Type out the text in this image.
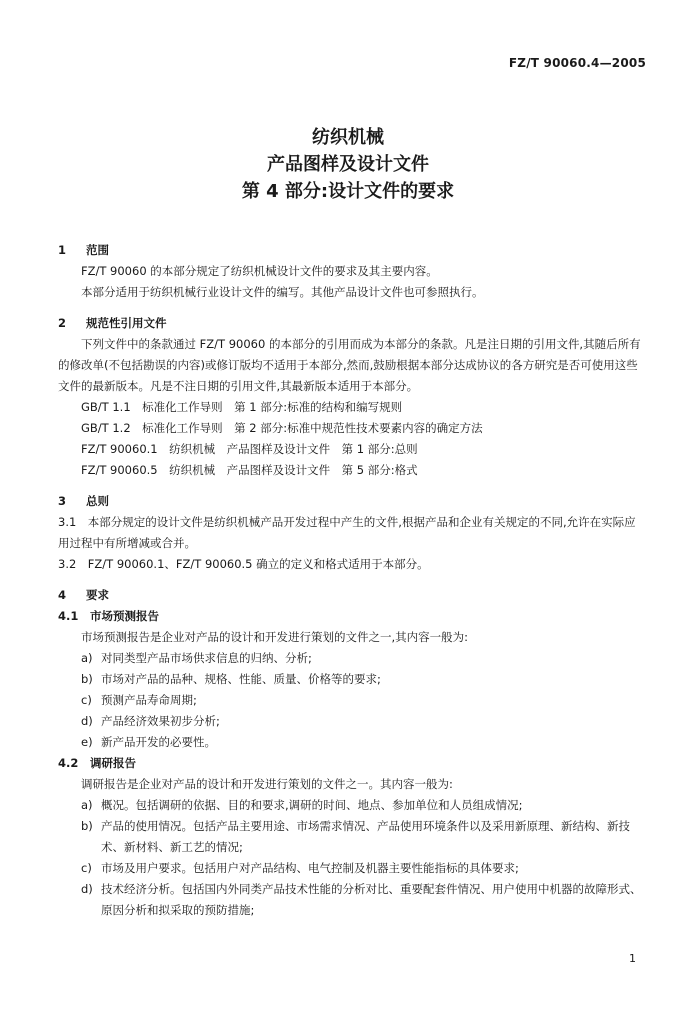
FZ/T 90060.4—2005
纺织机械
产品图样及设计文件
第 4 部分:设计文件的要求
1 范围
FZ/T 90060 的本部分规定了纺织机械设计文件的要求及其主要内容。
本部分适用于纺织机械行业设计文件的编写。其他产品设计文件也可参照执行。
2 规范性引用文件
下列文件中的条款通过 FZ/T 90060 的本部分的引用而成为本部分的条款。凡是注日期的引用文件,其随后所有的修改单(不包括勘误的内容)或修订版均不适用于本部分,然而,鼓励根据本部分达成协议的各方研究是否可使用这些文件的最新版本。凡是不注日期的引用文件,其最新版本适用于本部分。
GB/T 1.1　标准化工作导则　第 1 部分:标准的结构和编写规则
GB/T 1.2　标准化工作导则　第 2 部分:标准中规范性技术要素内容的确定方法
FZ/T 90060.1　纺织机械　产品图样及设计文件　第 1 部分:总则
FZ/T 90060.5　纺织机械　产品图样及设计文件　第 5 部分:格式
3 总则
3.1　 本部分规定的设计文件是纺织机械产品开发过程中产生的文件,根据产品和企业有关规定的不同,允许在实际应用过程中有所增减或合并。
3.2　 FZ/T 90060.1、FZ/T 90060.5 确立的定义和格式适用于本部分。
4 要求
4.1 市场预测报告
市场预测报告是企业对产品的设计和开发进行策划的文件之一,其内容一般为:
a) 对同类型产品市场供求信息的归纳、分析;
b) 市场对产品的品种、规格、性能、质量、价格等的要求;
c) 预测产品寿命周期;
d) 产品经济效果初步分析;
e) 新产品开发的必要性。
4.2 调研报告
调研报告是企业对产品的设计和开发进行策划的文件之一。其内容一般为:
a) 概况。包括调研的依据、目的和要求,调研的时间、地点、参加单位和人员组成情况;
b) 产品的使用情况。包括产品主要用途、市场需求情况、产品使用环境条件以及采用新原理、新结构、新技术、新材料、新工艺的情况;
c) 市场及用户要求。包括用户对产品结构、电气控制及机器主要性能指标的具体要求;
d) 技术经济分析。包括国内外同类产品技术性能的分析对比、重要配套件情况、用户使用中机器的故障形式、原因分析和拟采取的预防措施;
1
